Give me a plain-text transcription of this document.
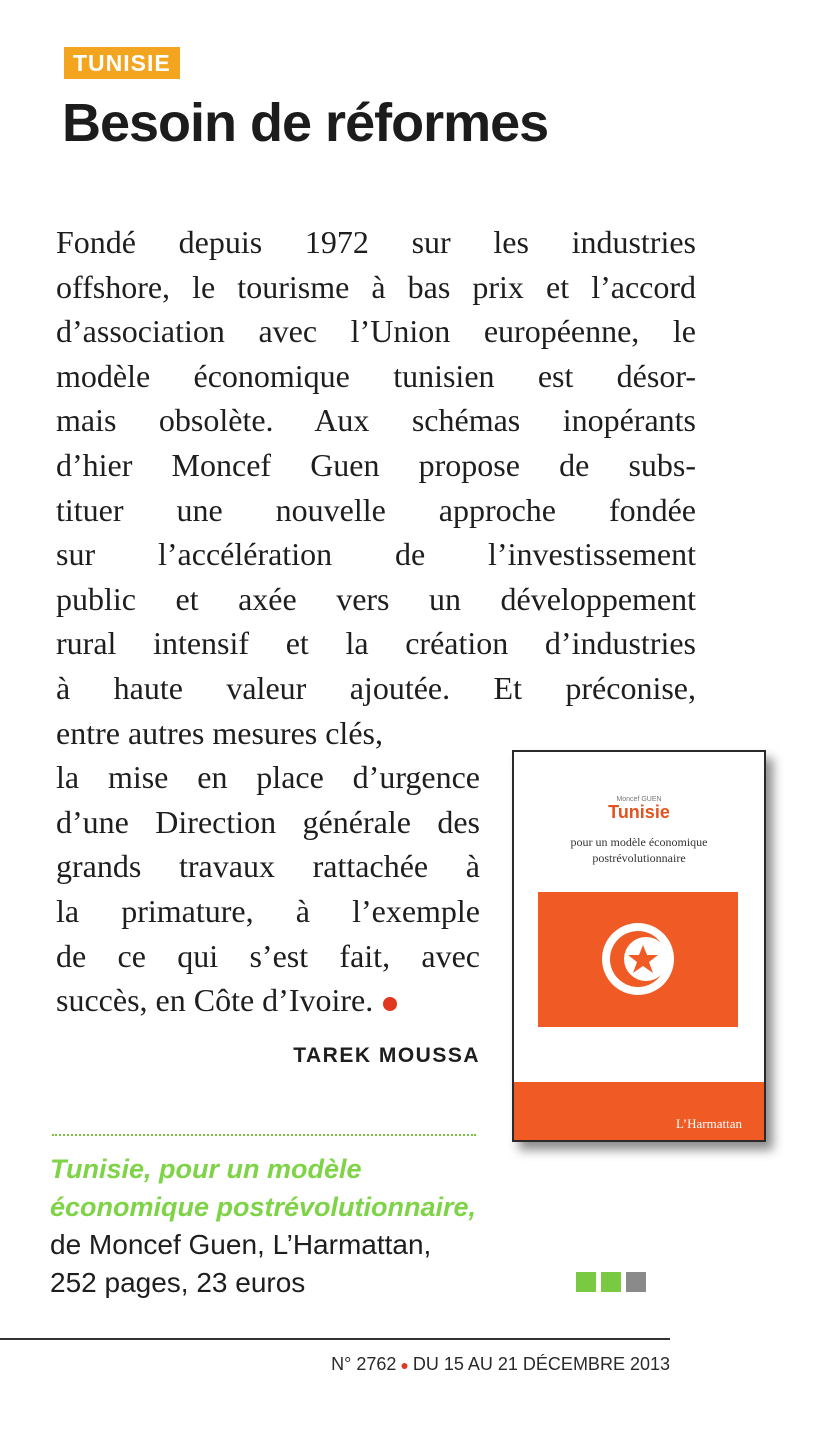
TUNISIE
Besoin de réformes
Fondé depuis 1972 sur les industries
offshore, le tourisme à bas prix et l’accord
d’association avec l’Union européenne, le
modèle économique tunisien est désor-
mais obsolète. Aux schémas inopérants
d’hier Moncef Guen propose de subs-
tituer une nouvelle approche fondée
sur l’accélération de l’investissement
public et axée vers un développement
rural intensif et la création d’industries
à haute valeur ajoutée. Et préconise,
entre autres mesures clés,
la mise en place d’urgence
d’une Direction générale des
grands travaux rattachée à
la primature, à l’exemple
de ce qui s’est fait, avec
succès, en Côte d’Ivoire.
TAREK MOUSSA
Moncef GUEN
Tunisie
pour un modèle économique
postrévolutionnaire
L’Harmattan
Tunisie, pour un modèle
économique postrévolutionnaire,
de Moncef Guen, L’Harmattan,
252 pages, 23 euros
N° 2762 ● DU 15 AU 21 DÉCEMBRE 2013
